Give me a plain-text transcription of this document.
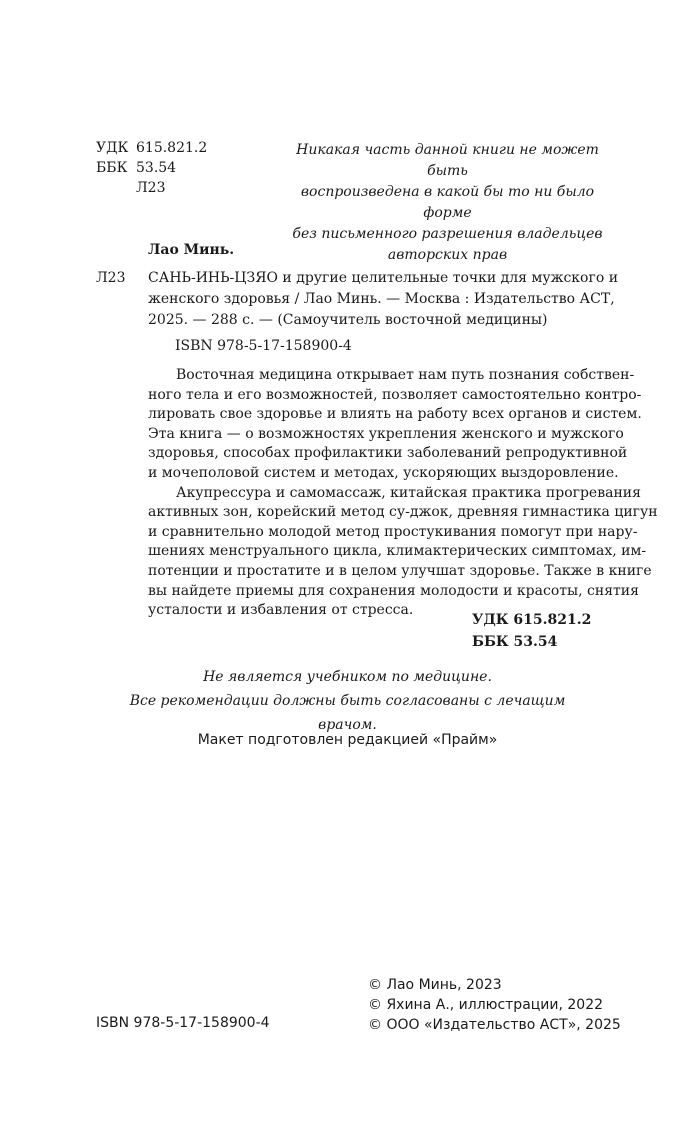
УДК 615.821.2
ББК 53.54
Л23
Никакая часть данной книги не может быть
воспроизведена в какой бы то ни было форме
без письменного разрешения владельцев
авторских прав
Лао Минь.
Л23 САНЬ-ИНЬ-ЦЗЯО и другие целительные точки для мужского и
женского здоровья / Лао Минь. — Москва : Издательство АСТ,
2025. — 288 с. — (Самоучитель восточной медицины)
ISBN 978-5-17-158900-4

Восточная медицина открывает нам путь познания собствен-
ного тела и его возможностей, позволяет самостоятельно контро-
лировать свое здоровье и влиять на работу всех органов и систем.
Эта книга — о возможностях укрепления женского и мужского
здоровья, способах профилактики заболеваний репродуктивной
и мочеполовой систем и методах, ускоряющих выздоровление.

Акупрессура и самомассаж, китайская практика прогревания
активных зон, корейский метод су-джок, древняя гимнастика цигун
и сравнительно молодой метод простукивания помогут при нару-
шениях менструального цикла, климактерических симптомах, им-
потенции и простатите и в целом улучшат здоровье. Также в книге
вы найдете приемы для сохранения молодости и красоты, снятия
усталости и избавления от стресса.

УДК 615.821.2
ББК 53.54
Не является учебником по медицине.
Все рекомендации должны быть согласованы с лечащим врачом.
Макет подготовлен редакцией «Прайм»
ISBN 978-5-17-158900-4
© Лао Минь, 2023
© Яхина А., иллюстрации, 2022
© ООО «Издательство АСТ», 2025
